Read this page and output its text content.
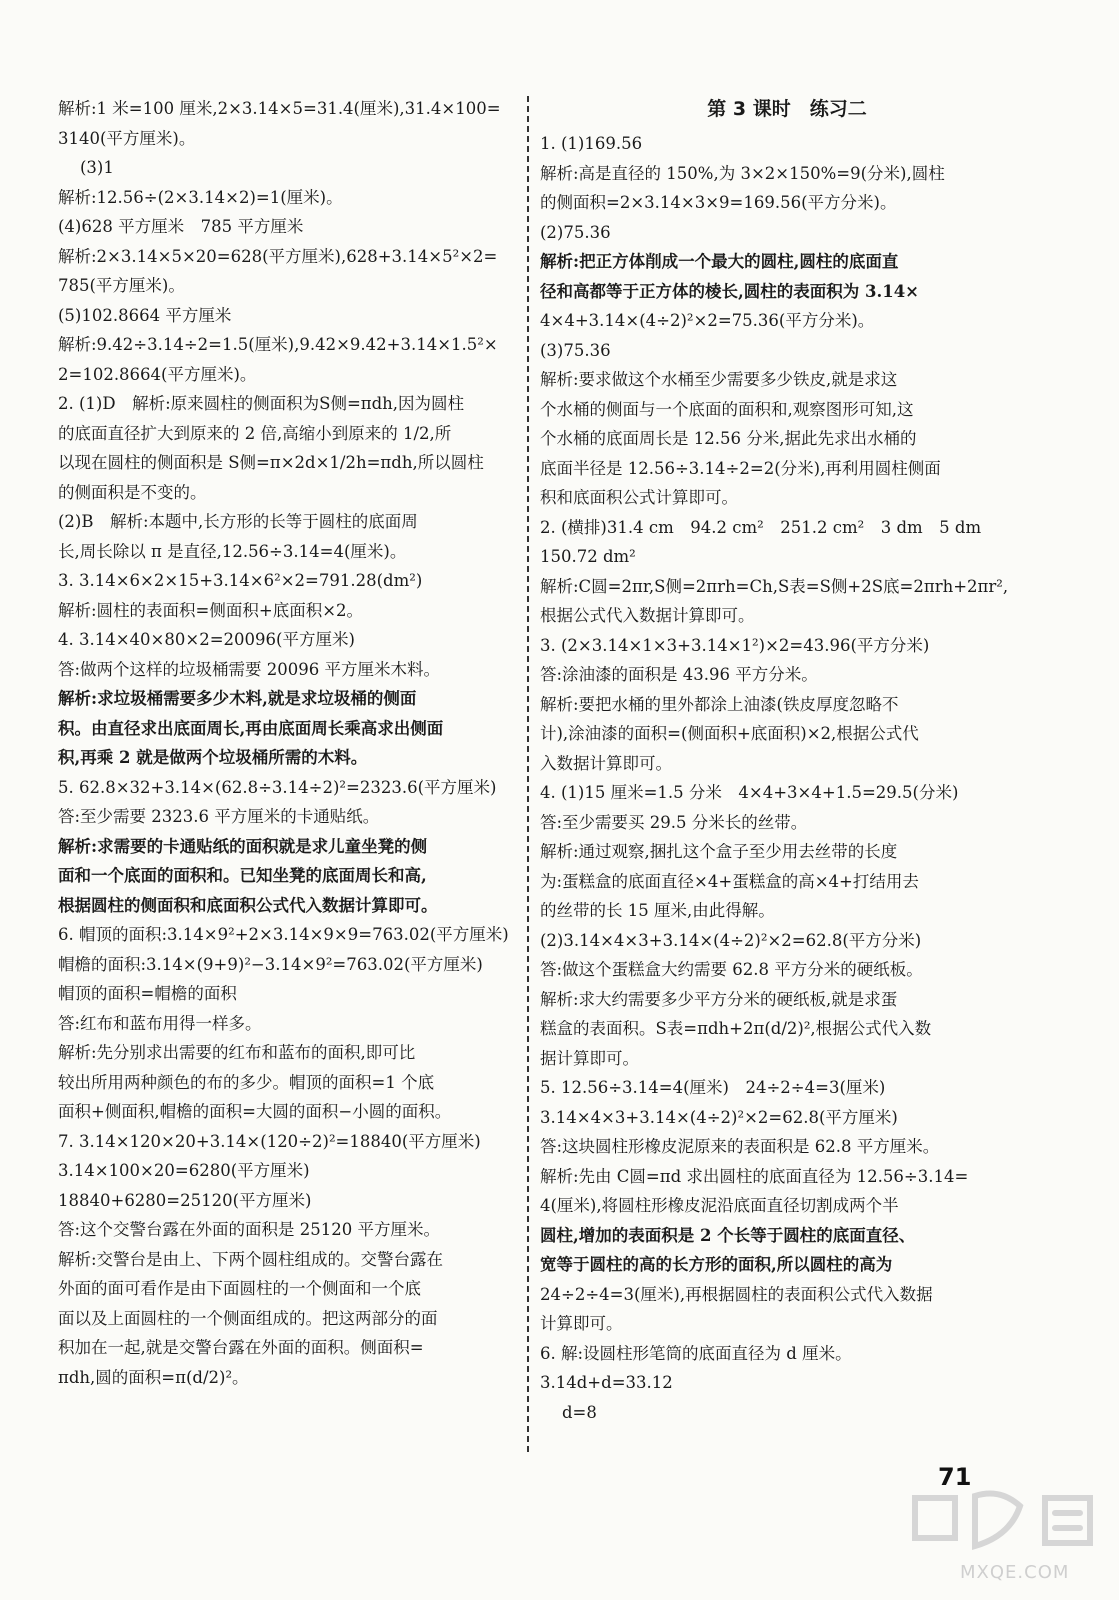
解析:1 米=100 厘米,2×3.14×5=31.4(厘米),31.4×100=
3140(平方厘米)。
(3)1
解析:12.56÷(2×3.14×2)=1(厘米)。
(4)628 平方厘米　785 平方厘米
解析:2×3.14×5×20=628(平方厘米),628+3.14×5²×2=
785(平方厘米)。
(5)102.8664 平方厘米
解析:9.42÷3.14÷2=1.5(厘米),9.42×9.42+3.14×1.5²×
2=102.8664(平方厘米)。
2. (1)D　解析:原来圆柱的侧面积为S侧=πdh,因为圆柱
的底面直径扩大到原来的 2 倍,高缩小到原来的 1/2,所
以现在圆柱的侧面积是 S侧=π×2d×1/2h=πdh,所以圆柱
的侧面积是不变的。
(2)B　解析:本题中,长方形的长等于圆柱的底面周
长,周长除以 π 是直径,12.56÷3.14=4(厘米)。
3. 3.14×6×2×15+3.14×6²×2=791.28(dm²)
解析:圆柱的表面积=侧面积+底面积×2。
4. 3.14×40×80×2=20096(平方厘米)
答:做两个这样的垃圾桶需要 20096 平方厘米木料。
解析:求垃圾桶需要多少木料,就是求垃圾桶的侧面
积。由直径求出底面周长,再由底面周长乘高求出侧面
积,再乘 2 就是做两个垃圾桶所需的木料。
5. 62.8×32+3.14×(62.8÷3.14÷2)²=2323.6(平方厘米)
答:至少需要 2323.6 平方厘米的卡通贴纸。
解析:求需要的卡通贴纸的面积就是求儿童坐凳的侧
面和一个底面的面积和。已知坐凳的底面周长和高,
根据圆柱的侧面积和底面积公式代入数据计算即可。
6. 帽顶的面积:3.14×9²+2×3.14×9×9=763.02(平方厘米)
帽檐的面积:3.14×(9+9)²−3.14×9²=763.02(平方厘米)
帽顶的面积=帽檐的面积
答:红布和蓝布用得一样多。
解析:先分别求出需要的红布和蓝布的面积,即可比
较出所用两种颜色的布的多少。帽顶的面积=1 个底
面积+侧面积,帽檐的面积=大圆的面积−小圆的面积。
7. 3.14×120×20+3.14×(120÷2)²=18840(平方厘米)
3.14×100×20=6280(平方厘米)
18840+6280=25120(平方厘米)
答:这个交警台露在外面的面积是 25120 平方厘米。
解析:交警台是由上、下两个圆柱组成的。交警台露在
外面的面可看作是由下面圆柱的一个侧面和一个底
面以及上面圆柱的一个侧面组成的。把这两部分的面
积加在一起,就是交警台露在外面的面积。侧面积=
πdh,圆的面积=π(d/2)²。
第 3 课时　练习二
1. (1)169.56
解析:高是直径的 150%,为 3×2×150%=9(分米),圆柱
的侧面积=2×3.14×3×9=169.56(平方分米)。
(2)75.36
解析:把正方体削成一个最大的圆柱,圆柱的底面直
径和高都等于正方体的棱长,圆柱的表面积为 3.14×
4×4+3.14×(4÷2)²×2=75.36(平方分米)。
(3)75.36
解析:要求做这个水桶至少需要多少铁皮,就是求这
个水桶的侧面与一个底面的面积和,观察图形可知,这
个水桶的底面周长是 12.56 分米,据此先求出水桶的
底面半径是 12.56÷3.14÷2=2(分米),再利用圆柱侧面
积和底面积公式计算即可。
2. (横排)31.4 cm　94.2 cm²　251.2 cm²　3 dm　5 dm
150.72 dm²
解析:C圆=2πr,S侧=2πrh=Ch,S表=S侧+2S底=2πrh+2πr²,
根据公式代入数据计算即可。
3. (2×3.14×1×3+3.14×1²)×2=43.96(平方分米)
答:涂油漆的面积是 43.96 平方分米。
解析:要把水桶的里外都涂上油漆(铁皮厚度忽略不
计),涂油漆的面积=(侧面积+底面积)×2,根据公式代
入数据计算即可。
4. (1)15 厘米=1.5 分米　4×4+3×4+1.5=29.5(分米)
答:至少需要买 29.5 分米长的丝带。
解析:通过观察,捆扎这个盒子至少用去丝带的长度
为:蛋糕盒的底面直径×4+蛋糕盒的高×4+打结用去
的丝带的长 15 厘米,由此得解。
(2)3.14×4×3+3.14×(4÷2)²×2=62.8(平方分米)
答:做这个蛋糕盒大约需要 62.8 平方分米的硬纸板。
解析:求大约需要多少平方分米的硬纸板,就是求蛋
糕盒的表面积。S表=πdh+2π(d/2)²,根据公式代入数
据计算即可。
5. 12.56÷3.14=4(厘米)　24÷2÷4=3(厘米)
3.14×4×3+3.14×(4÷2)²×2=62.8(平方厘米)
答:这块圆柱形橡皮泥原来的表面积是 62.8 平方厘米。
解析:先由 C圆=πd 求出圆柱的底面直径为 12.56÷3.14=
4(厘米),将圆柱形橡皮泥沿底面直径切割成两个半
圆柱,增加的表面积是 2 个长等于圆柱的底面直径、
宽等于圆柱的高的长方形的面积,所以圆柱的高为
24÷2÷4=3(厘米),再根据圆柱的表面积公式代入数据
计算即可。
6. 解:设圆柱形笔筒的底面直径为 d 厘米。
3.14d+d=33.12
d=8
71
MXQE.COM
